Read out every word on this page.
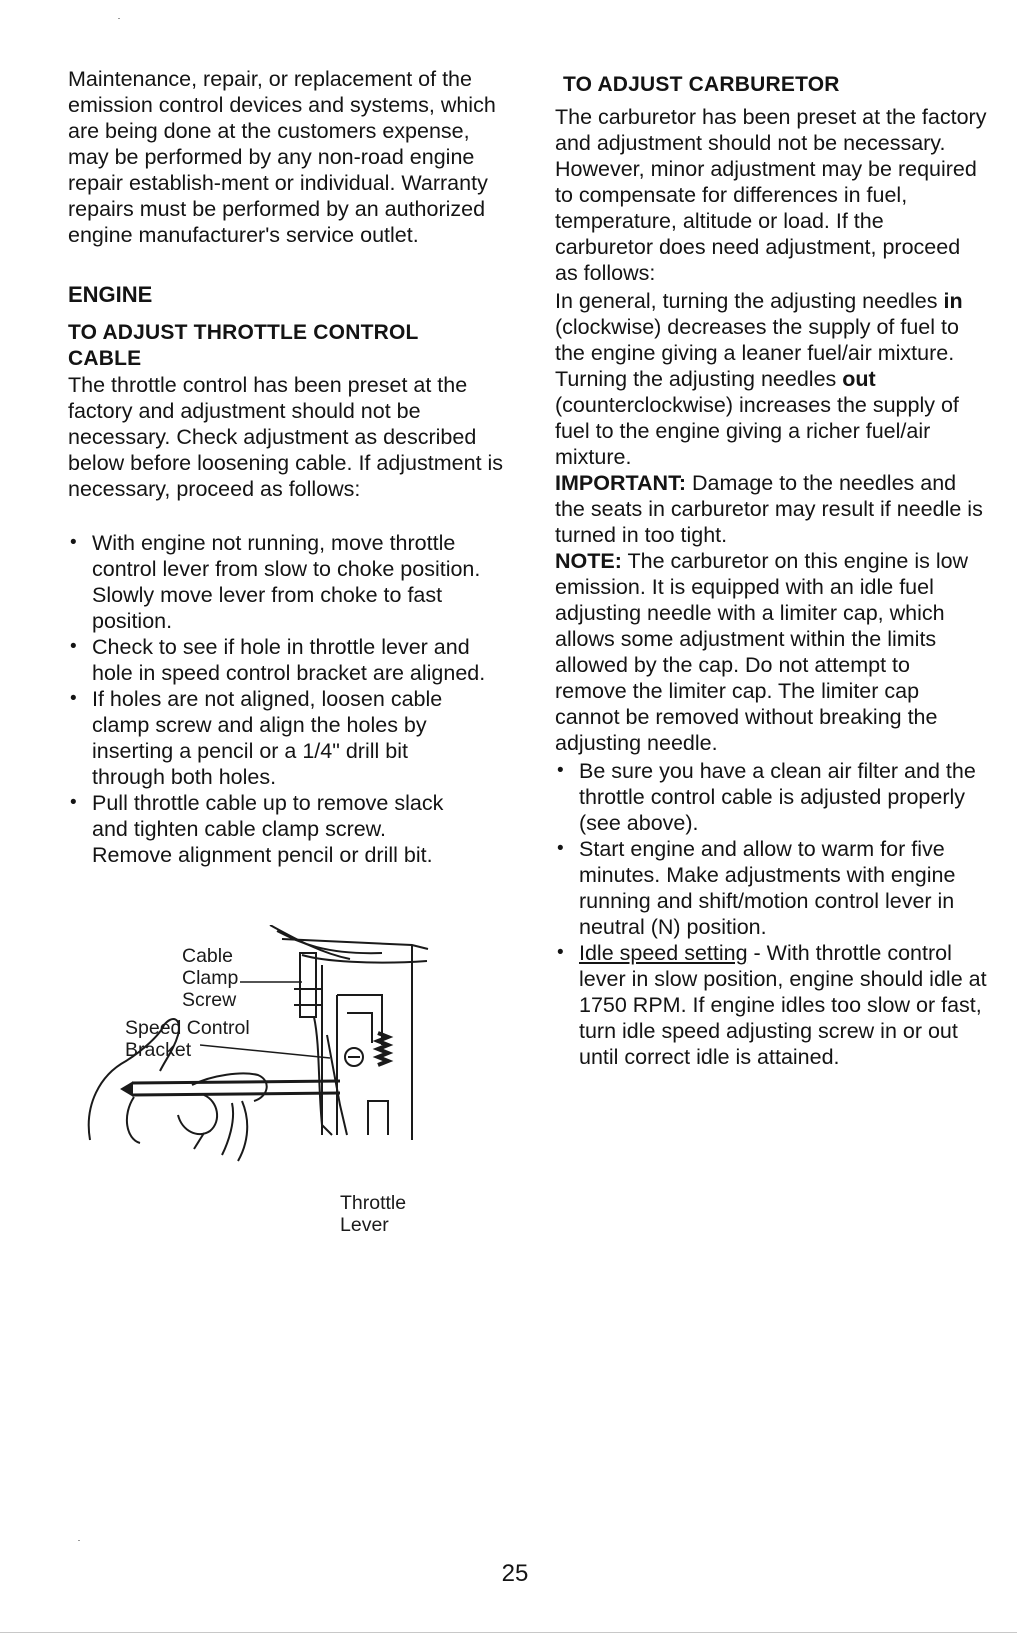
Maintenance, repair, or replacement of the emission control devices and systems, which are being done at the customers expense, may be performed by any non-road engine repair establish-ment or individual. Warranty repairs must be performed by an authorized engine manufacturer's service outlet.

ENGINE
TO ADJUST THROTTLE CONTROL CABLE

The throttle control has been preset at the factory and adjustment should not be necessary. Check adjustment as described below before loosening cable. If adjustment is necessary, proceed as follows:

• With engine not running, move throttle control lever from slow to choke position. Slowly move lever from choke to fast position.
• Check to see if hole in throttle lever and hole in speed control bracket are aligned.
• If holes are not aligned, loosen cable clamp screw and align the holes by inserting a pencil or a 1/4" drill bit through both holes.
• Pull throttle cable up to remove slack and tighten cable clamp screw. Remove alignment pencil or drill bit.
Cable
Clamp
Screw
Speed Control
Bracket
Throttle
Lever
TO ADJUST CARBURETOR

The carburetor has been preset at the factory and adjustment should not be necessary. However, minor adjustment may be required to compensate for differences in fuel, temperature, altitude or load. If the carburetor does need adjustment, proceed as follows:

In general, turning the adjusting needles in (clockwise) decreases the supply of fuel to the engine giving a leaner fuel/air mixture. Turning the adjusting needles out (counterclockwise) increases the supply of fuel to the engine giving a richer fuel/air mixture.

IMPORTANT: Damage to the needles and the seats in carburetor may result if needle is turned in too tight.

NOTE: The carburetor on this engine is low emission. It is equipped with an idle fuel adjusting needle with a limiter cap, which allows some adjustment within the limits allowed by the cap. Do not attempt to remove the limiter cap. The limiter cap cannot be removed without breaking the adjusting needle.

• Be sure you have a clean air filter and the throttle control cable is adjusted properly (see above).
• Start engine and allow to warm for five minutes. Make adjustments with engine running and shift/motion control lever in neutral (N) position.
• Idle speed setting - With throttle control lever in slow position, engine should idle at 1750 RPM. If engine idles too slow or fast, turn idle speed adjusting screw in or out until correct idle is attained.
25
